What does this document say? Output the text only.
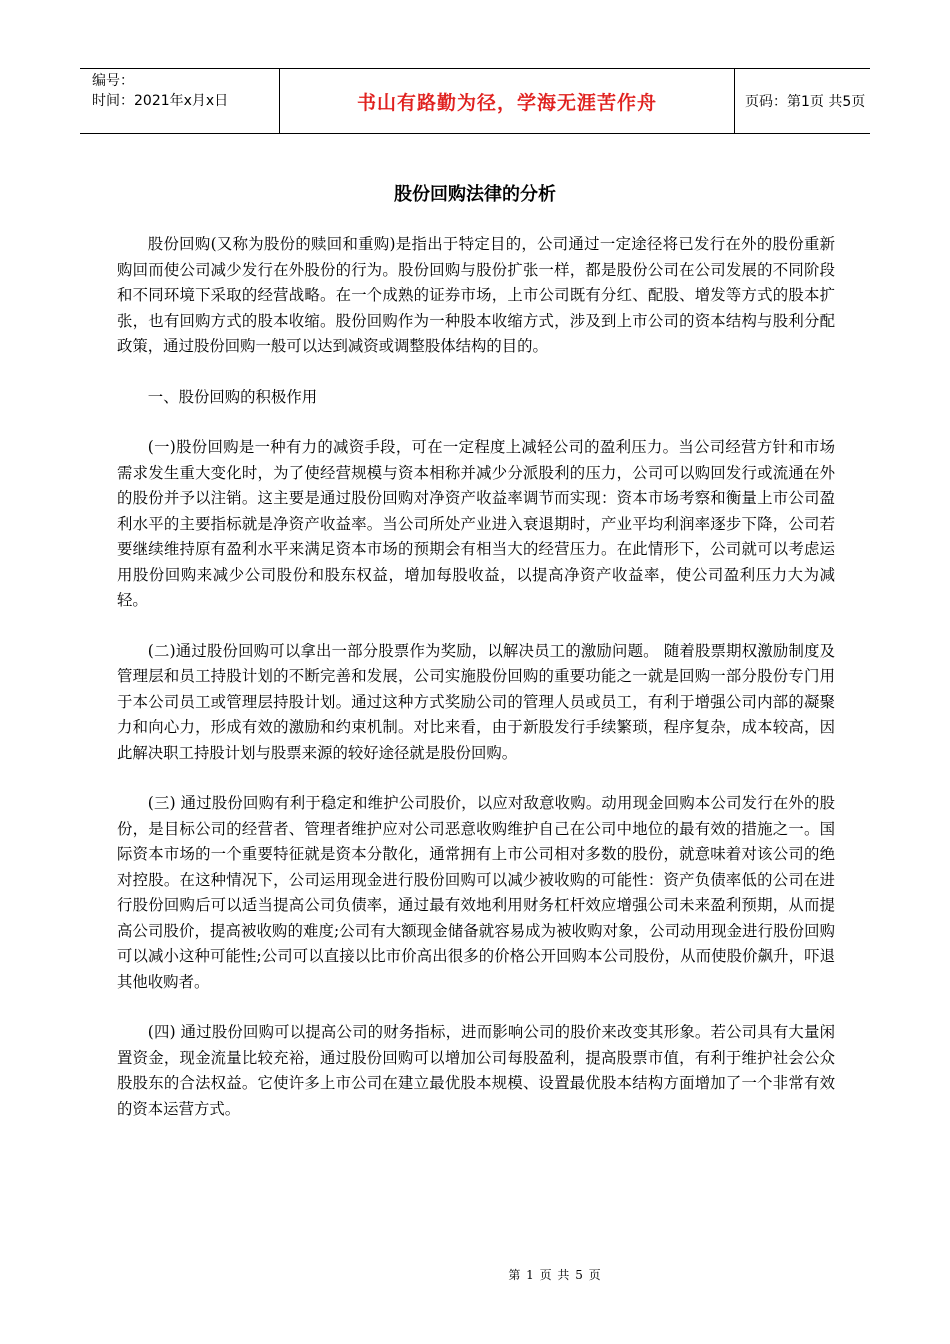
编号：
时间：2021年x月x日	书山有路勤为径，学海无涯苦作舟	页码：第1页 共5页
股份回购法律的分析

股份回购(又称为股份的赎回和重购)是指出于特定目的，公司通过一定途径将已发行在外的股份重新购回而使公司减少发行在外股份的行为。股份回购与股份扩张一样，都是股份公司在公司发展的不同阶段和不同环境下采取的经营战略。在一个成熟的证券市场，上市公司既有分红、配股、增发等方式的股本扩张，也有回购方式的股本收缩。股份回购作为一种股本收缩方式，涉及到上市公司的资本结构与股利分配政策，通过股份回购一般可以达到减资或调整股体结构的目的。

一、股份回购的积极作用

(一)股份回购是一种有力的减资手段，可在一定程度上减轻公司的盈利压力。当公司经营方针和市场需求发生重大变化时，为了使经营规模与资本相称并减少分派股利的压力，公司可以购回发行或流通在外的股份并予以注销。这主要是通过股份回购对净资产收益率调节而实现：资本市场考察和衡量上市公司盈利水平的主要指标就是净资产收益率。当公司所处产业进入衰退期时，产业平均利润率逐步下降，公司若要继续维持原有盈利水平来满足资本市场的预期会有相当大的经营压力。在此情形下，公司就可以考虑运用股份回购来减少公司股份和股东权益，增加每股收益，以提高净资产收益率，使公司盈利压力大为减轻。

(二)通过股份回购可以拿出一部分股票作为奖励，以解决员工的激励问题。 随着股票期权激励制度及管理层和员工持股计划的不断完善和发展，公司实施股份回购的重要功能之一就是回购一部分股份专门用于本公司员工或管理层持股计划。通过这种方式奖励公司的管理人员或员工，有利于增强公司内部的凝聚力和向心力，形成有效的激励和约束机制。对比来看，由于新股发行手续繁琐，程序复杂，成本较高，因此解决职工持股计划与股票来源的较好途径就是股份回购。

(三) 通过股份回购有利于稳定和维护公司股价，以应对敌意收购。动用现金回购本公司发行在外的股份，是目标公司的经营者、管理者维护应对公司恶意收购维护自己在公司中地位的最有效的措施之一。国际资本市场的一个重要特征就是资本分散化，通常拥有上市公司相对多数的股份，就意味着对该公司的绝对控股。在这种情况下，公司运用现金进行股份回购可以减少被收购的可能性：资产负债率低的公司在进行股份回购后可以适当提高公司负债率，通过最有效地利用财务杠杆效应增强公司未来盈利预期，从而提高公司股价，提高被收购的难度;公司有大额现金储备就容易成为被收购对象，公司动用现金进行股份回购可以减小这种可能性;公司可以直接以比市价高出很多的价格公开回购本公司股份，从而使股价飙升，吓退其他收购者。

(四) 通过股份回购可以提高公司的财务指标，进而影响公司的股价来改变其形象。若公司具有大量闲置资金，现金流量比较充裕，通过股份回购可以增加公司每股盈利，提高股票市值，有利于维护社会公众股股东的合法权益。它使许多上市公司在建立最优股本规模、设置最优股本结构方面增加了一个非常有效的资本运营方式。

第 1 页 共 5 页
